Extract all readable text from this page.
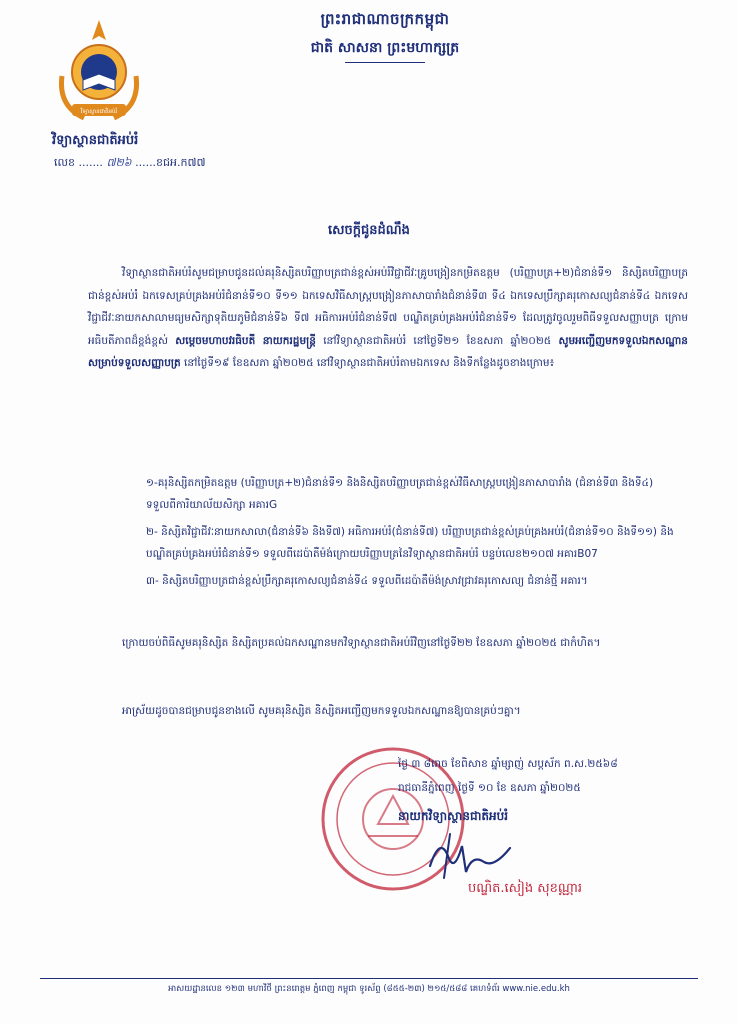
វិទ្យាស្ថានជាតិអប់រំ
វិទ្យាស្ថានជាតិអប់រំ
លេខ ....... ៧២៦ ......ខជអ.ក៧៧
ព្រះរាជាណាចក្រកម្ពុជា
ជាតិ សាសនា ព្រះមហាក្សត្រ
សេចក្តីជូនដំណឹង

វិទ្យាស្ថានជាតិអប់រំសូមជម្រាបជូនដល់គរុនិស្សិតបរិញ្ញាបត្រជាន់ខ្ពស់អប់រំវិជ្ជាជីវៈគ្រូបង្រៀនកម្រិតឧត្តម (បរិញ្ញាបត្រ+២)ជំនាន់ទី១ និស្សិតបរិញ្ញាបត្រជាន់ខ្ពស់អប់រំ ឯកទេសគ្រប់គ្រងអប់រំជំនាន់ទី១០ ទី១១ ឯកទេសវិធីសាស្ត្របង្រៀនភាសាបារាំងជំនាន់ទី៣ ទី៤ ឯកទេសប្រឹក្សាគរុកោសល្យជំនាន់ទី៤ ឯកទេសវិជ្ជាជីវៈនាយកសាលាមធ្យមសិក្សាទុតិយភូមិជំនាន់ទី៦ ទី៧ អធិការអប់រំជំនាន់ទី៧ បណ្ឌិតគ្រប់គ្រងអប់រំជំនាន់ទី១ ដែលត្រូវចូលរួមពិធីទទួលសញ្ញាបត្រ ក្រោមអធិបតីភាពដ៏ខ្ពង់ខ្ពស់ សម្តេចមហាបវរធិបតី នាយករដ្ឋមន្ត្រី នៅវិទ្យាស្ថានជាតិអប់រំ នៅថ្ងៃទី២១ ខែឧសភា ឆ្នាំ២០២៥ សូមអញ្ជើញមកទទួលឯកសណ្ឋានសម្រាប់ទទួលសញ្ញាបត្រ នៅថ្ងៃទី១៩ ខែឧសភា ឆ្នាំ២០២៥ នៅវិទ្យាស្ថានជាតិអប់រំតាមឯកទេស និងទីកន្លែងដូចខាងក្រោម៖

១-គរុនិស្សិតកម្រិតឧត្តម (បរិញ្ញាបត្រ+២)ជំនាន់ទី១ និងនិស្សិតបរិញ្ញាបត្រជាន់ខ្ពស់វិធីសាស្ត្របង្រៀនភាសាបារាំង (ជំនាន់ទី៣ និងទី៤) ទទួលពីការិយាល័យសិក្សា អគារG
២- និស្សិតវិជ្ជាជីវៈនាយកសាលា(ជំនាន់ទី៦ និងទី៧) អធិការអប់រំ(ជំនាន់ទី៧) បរិញ្ញាបត្រជាន់ខ្ពស់គ្រប់គ្រងអប់រំ(ជំនាន់ទី១០ និងទី១១) និងបណ្ឌិតគ្រប់គ្រងអប់រំជំនាន់ទី១ ទទួលពីដេប៉ាតឺម៉ង់ក្រោយបរិញ្ញាបត្រនៃវិទ្យាស្ថានជាតិអប់រំ បន្ទប់លេខ២១០៧ អគារB07
៣- និស្សិតបរិញ្ញាបត្រជាន់ខ្ពស់ប្រឹក្សាគរុកោសល្យជំនាន់ទី៤ ទទួលពីដេប៉ាតឺម៉ង់ស្រាវជ្រាវគរុកោសល្យ ជំនាន់ថ្មី អគារ។
ក្រោយចប់ពិធីសូមគរុនិស្សិត និស្សិតប្រគល់ឯកសណ្ឋានមកវិទ្យាស្ថានជាតិអប់រំវិញនៅថ្ងៃទី២២ ខែឧសភា ឆ្នាំ២០២៥ ជាកំហិត។
អាស្រ័យដូចបានជម្រាបជូនខាងលើ សូមគរុនិស្សិត និស្សិតអញ្ជើញមកទទួលឯកសណ្ឋានឱ្យបានគ្រប់ៗគ្នា។
ថ្ងៃ ៣ ៨រោច ខែពិសាខ ឆ្នាំម្សាញ់ សប្តស័ក ព.ស.២៥៦៨
រាជធានីភ្នំពេញ ថ្ងៃទី ១០ ខែ ឧសភា ឆ្នាំ២០២៥
នាយកវិទ្យាស្ថានជាតិអប់រំ
បណ្ឌិត.សៀង សុខណ្ណារ
អាសយដ្ឋានលេខ ១២៣ មហាវិថី ព្រះនរោត្តម ភ្នំពេញ កម្ពុជា ទូរស័ព្ទ (៨៥៥-២៣) ២១៥/៥៨៨ គេហទំព័រ www.nie.edu.kh
